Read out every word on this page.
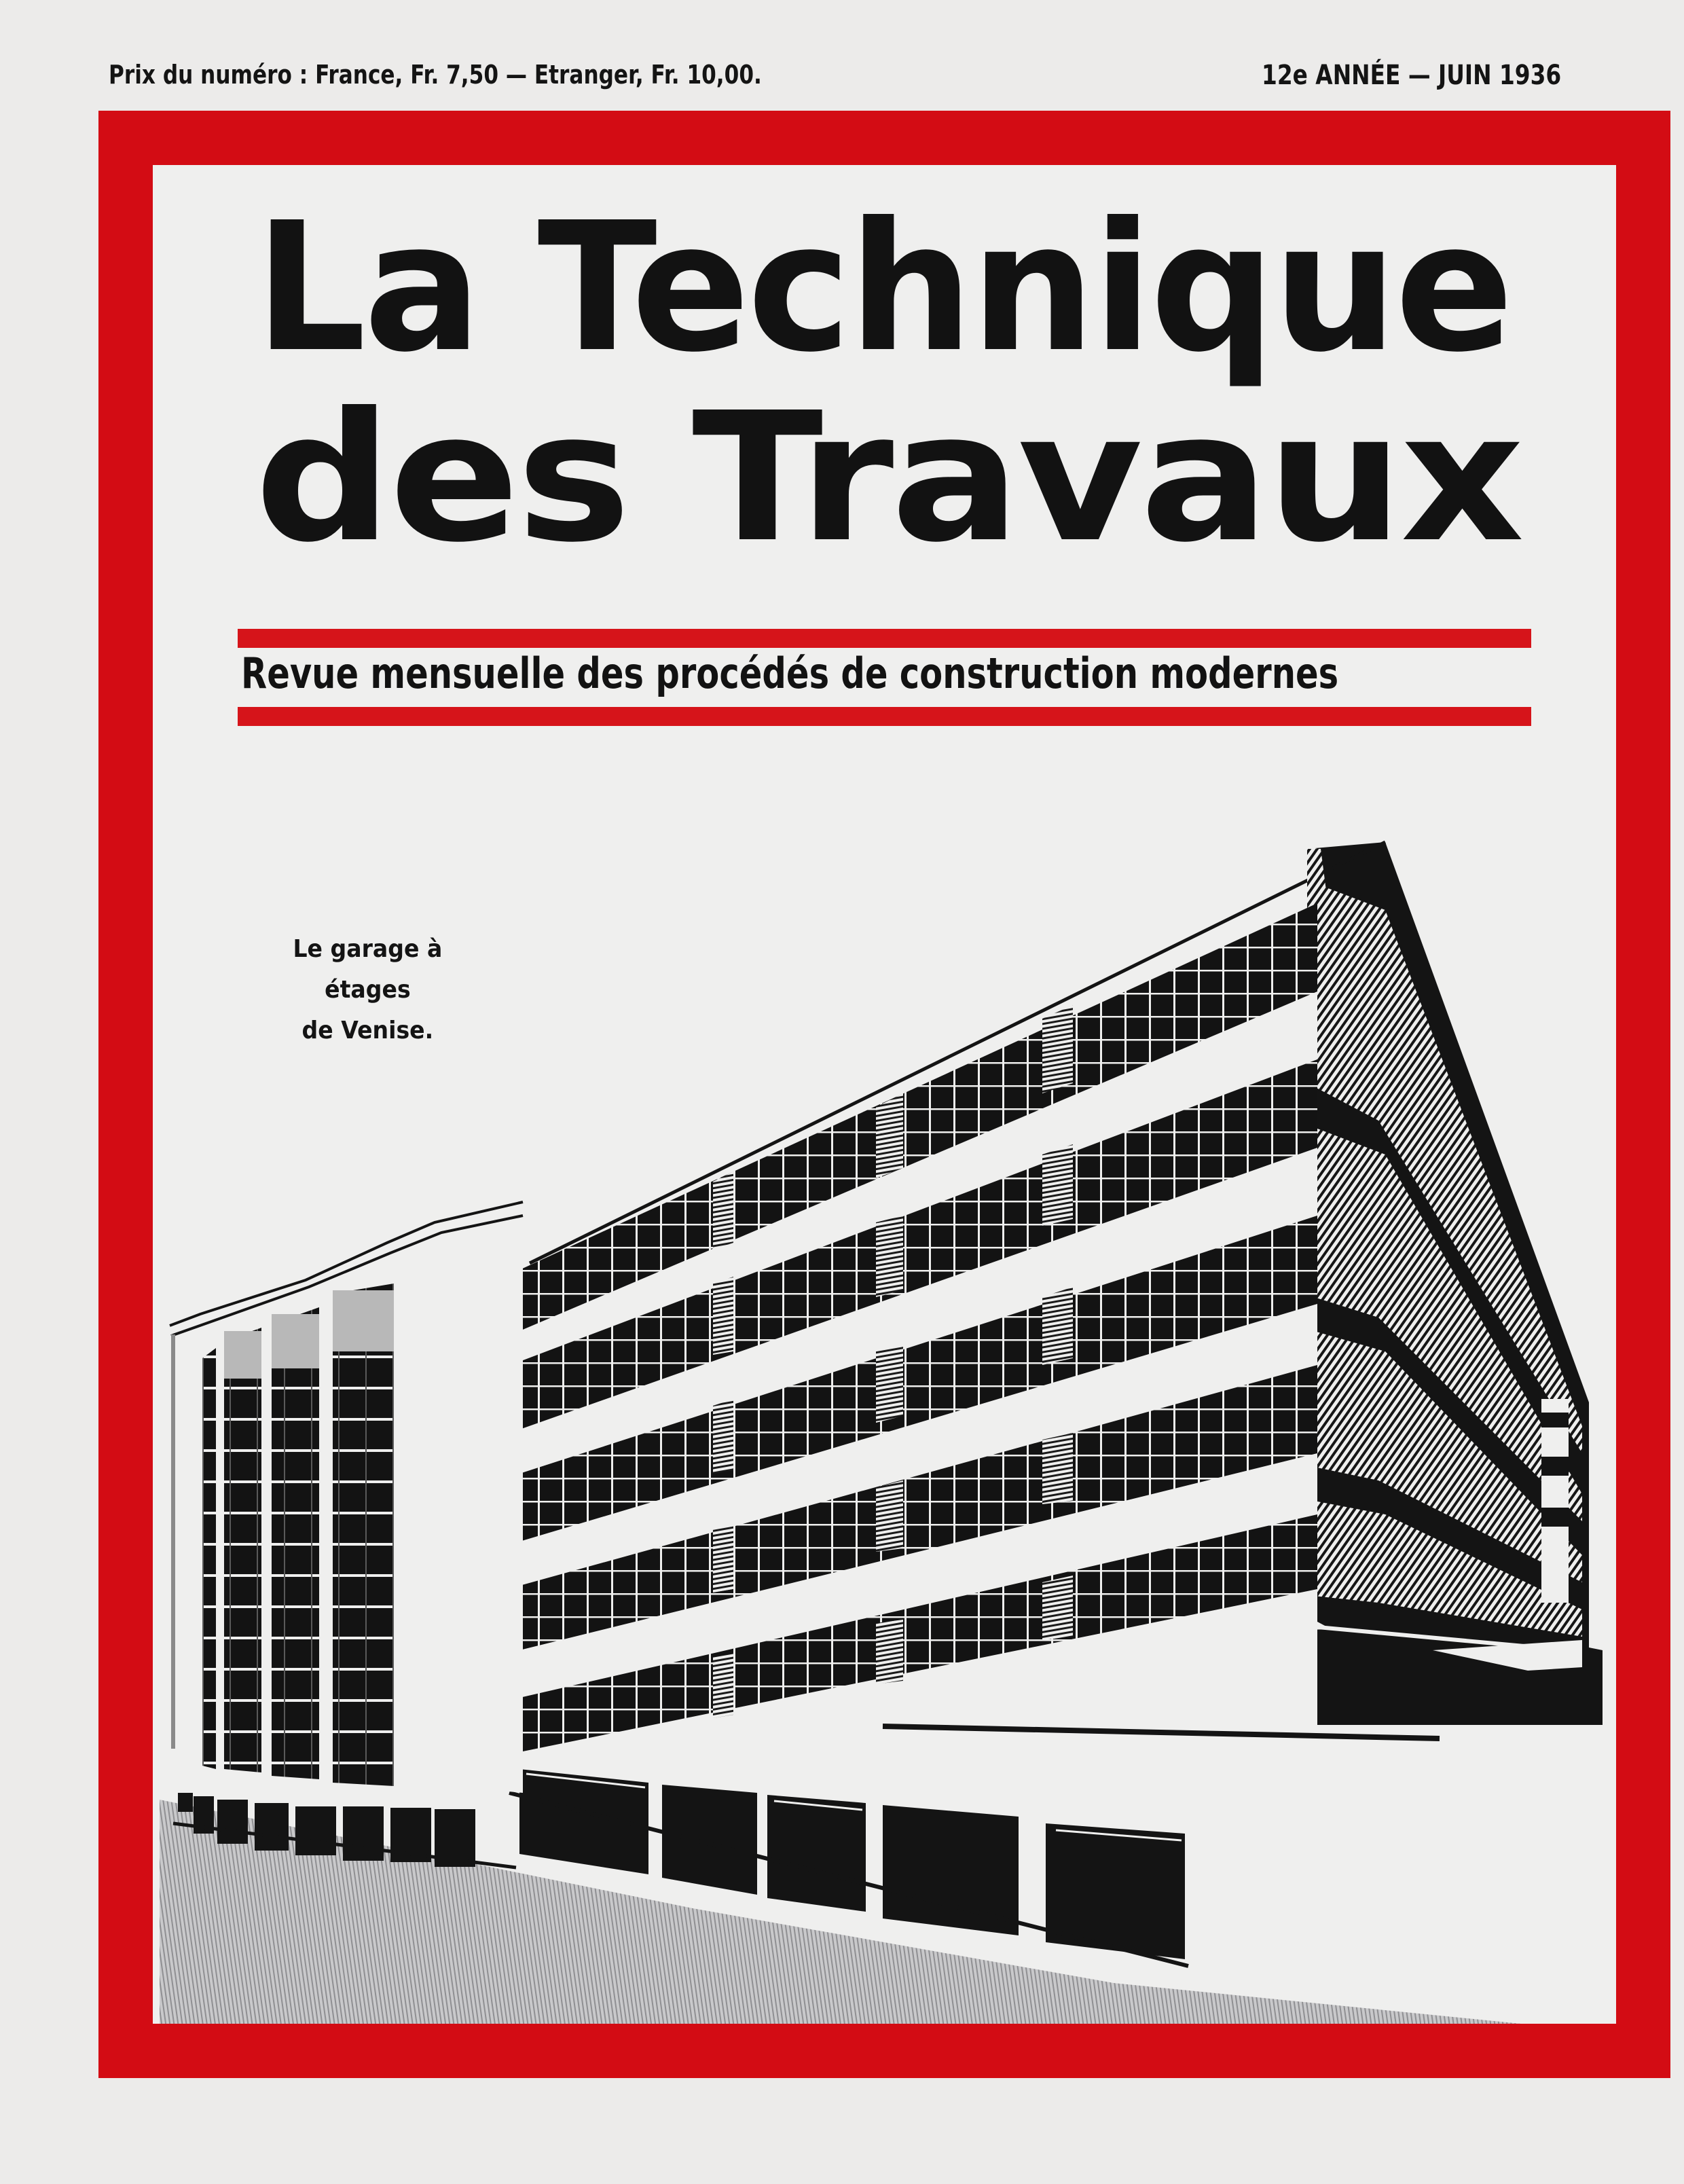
Prix du numéro : France, Fr. 7,50 — Etranger, Fr. 10,00.	12e ANNÉE — JUIN 1936
La Technique
des Travaux
Revue mensuelle des procédés de construction modernes
Le garage à étages
de Venise.
